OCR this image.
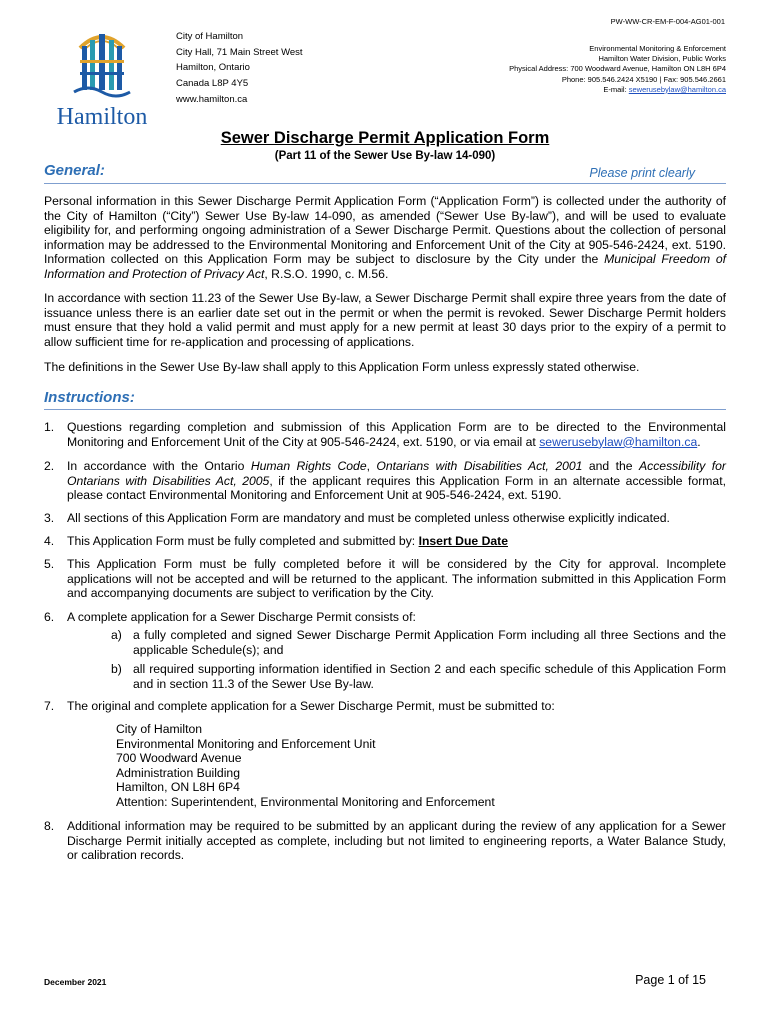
PW-WW-CR-EM-F-004-AG01-001
Hamilton
City of Hamilton
City Hall, 71 Main Street West
Hamilton, Ontario
Canada L8P 4Y5
www.hamilton.ca
Environmental Monitoring & Enforcement
Hamilton Water Division, Public Works
Physical Address: 700 Woodward Avenue, Hamilton ON L8H 6P4
Phone: 905.546.2424 X5190 | Fax: 905.546.2661
E-mail: sewerusebylaw@hamilton.ca
Sewer Discharge Permit Application Form
(Part 11 of the Sewer Use By-law 14-090)
General:	Please print clearly
Personal information in this Sewer Discharge Permit Application Form (“Application Form”) is collected under the authority of the City of Hamilton (“City”) Sewer Use By-law 14-090, as amended (“Sewer Use By-law”), and will be used to evaluate eligibility for, and performing ongoing administration of a Sewer Discharge Permit. Questions about the collection of personal information may be addressed to the Environmental Monitoring and Enforcement Unit of the City at 905-546-2424, ext. 5190. Information collected on this Application Form may be subject to disclosure by the City under the Municipal Freedom of Information and Protection of Privacy Act, R.S.O. 1990, c. M.56.
In accordance with section 11.23 of the Sewer Use By-law, a Sewer Discharge Permit shall expire three years from the date of issuance unless there is an earlier date set out in the permit or when the permit is revoked. Sewer Discharge Permit holders must ensure that they hold a valid permit and must apply for a new permit at least 30 days prior to the expiry of a permit to allow sufficient time for re-application and processing of applications.
The definitions in the Sewer Use By-law shall apply to this Application Form unless expressly stated otherwise.
Instructions:
1. Questions regarding completion and submission of this Application Form are to be directed to the Environmental Monitoring and Enforcement Unit of the City at 905-546-2424, ext. 5190, or via email at sewerusebylaw@hamilton.ca.
2. In accordance with the Ontario Human Rights Code, Ontarians with Disabilities Act, 2001 and the Accessibility for Ontarians with Disabilities Act, 2005, if the applicant requires this Application Form in an alternate accessible format, please contact Environmental Monitoring and Enforcement Unit at 905-546-2424, ext. 5190.
3. All sections of this Application Form are mandatory and must be completed unless otherwise explicitly indicated.
4. This Application Form must be fully completed and submitted by: Insert Due Date
5. This Application Form must be fully completed before it will be considered by the City for approval. Incomplete applications will not be accepted and will be returned to the applicant. The information submitted in this Application Form and accompanying documents are subject to verification by the City.
6. A complete application for a Sewer Discharge Permit consists of:
a) a fully completed and signed Sewer Discharge Permit Application Form including all three Sections and the applicable Schedule(s); and
b) all required supporting information identified in Section 2 and each specific schedule of this Application Form and in section 11.3 of the Sewer Use By-law.
7. The original and complete application for a Sewer Discharge Permit, must be submitted to:
City of Hamilton
Environmental Monitoring and Enforcement Unit
700 Woodward Avenue
Administration Building
Hamilton, ON L8H 6P4
Attention: Superintendent, Environmental Monitoring and Enforcement
8. Additional information may be required to be submitted by an applicant during the review of any application for a Sewer Discharge Permit initially accepted as complete, including but not limited to engineering reports, a Water Balance Study, or calibration records.
December 2021	Page 1 of 15
